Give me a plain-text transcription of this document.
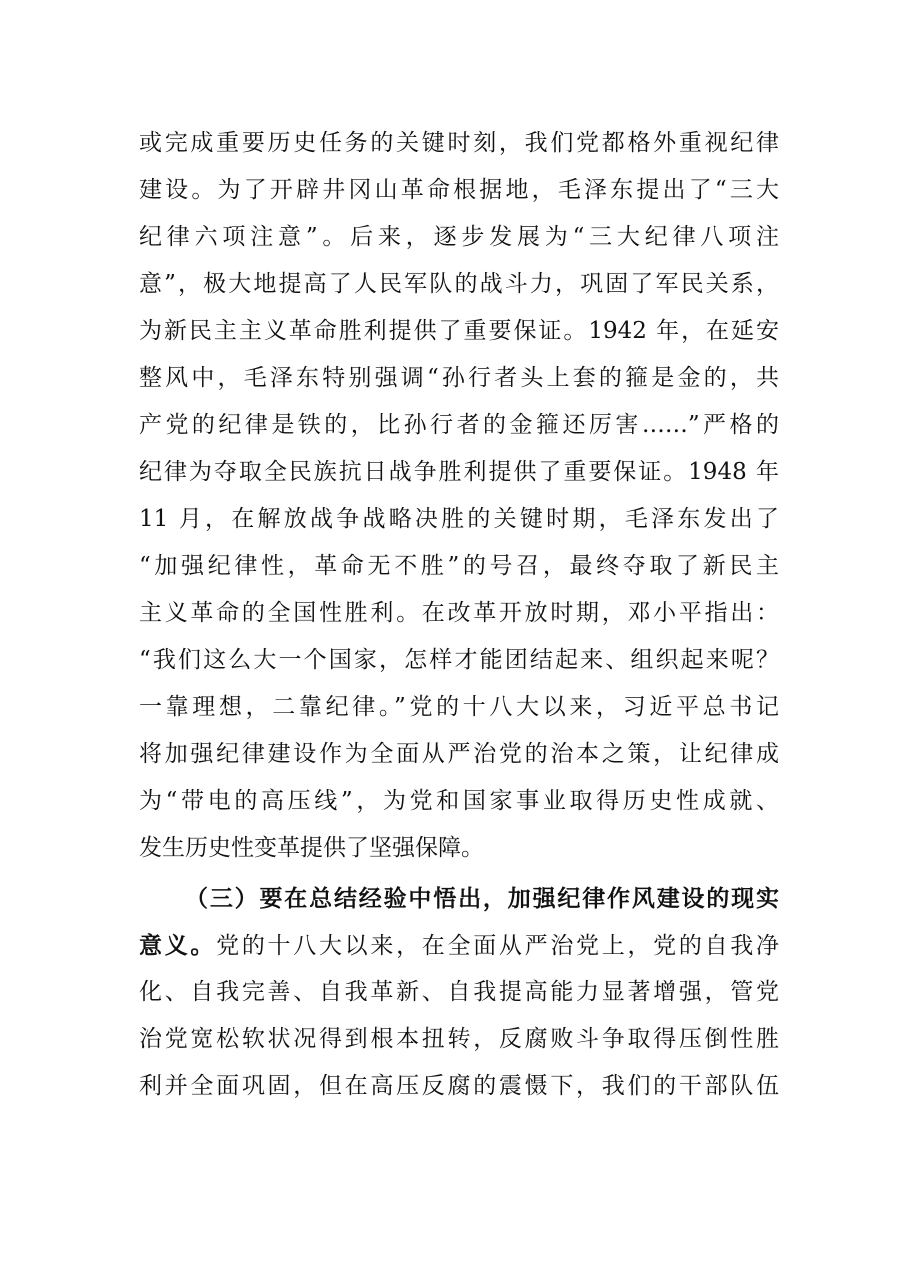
或完成重要历史任务的关键时刻，我们党都格外重视纪律
建设。为了开辟井冈山革命根据地，毛泽东提出了“三大
纪律六项注意”。后来，逐步发展为“三大纪律八项注
意”，极大地提高了人民军队的战斗力，巩固了军民关系，
为新民主主义革命胜利提供了重要保证。1942 年，在延安
整风中，毛泽东特别强调“孙行者头上套的箍是金的，共
产党的纪律是铁的，比孙行者的金箍还厉害……”严格的
纪律为夺取全民族抗日战争胜利提供了重要保证。1948 年
11 月，在解放战争战略决胜的关键时期，毛泽东发出了
“加强纪律性，革命无不胜”的号召，最终夺取了新民主
主义革命的全国性胜利。在改革开放时期，邓小平指出：
“我们这么大一个国家，怎样才能团结起来、组织起来呢？
一靠理想，二靠纪律。”党的十八大以来，习近平总书记
将加强纪律建设作为全面从严治党的治本之策，让纪律成
为“带电的高压线”，为党和国家事业取得历史性成就、
发生历史性变革提供了坚强保障。
（三）要在总结经验中悟出，加强纪律作风建设的现实
意义。党的十八大以来，在全面从严治党上，党的自我净
化、自我完善、自我革新、自我提高能力显著增强，管党
治党宽松软状况得到根本扭转，反腐败斗争取得压倒性胜
利并全面巩固，但在高压反腐的震慑下，我们的干部队伍
